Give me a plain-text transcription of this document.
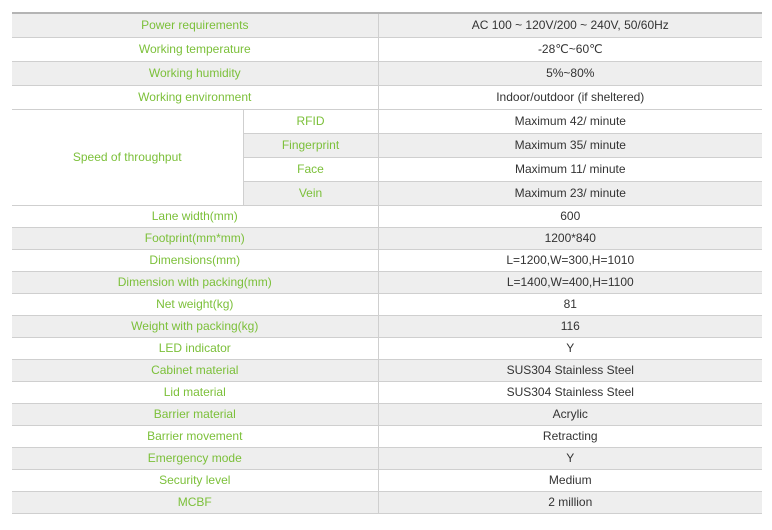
Power requirements		AC 100 ~ 120V/200 ~ 240V, 50/60Hz
Working temperature		-28℃~60℃
Working humidity		5%~80%
Working environment		Indoor/outdoor (if sheltered)
Speed of throughput	RFID	Maximum 42/ minute
	Fingerprint	Maximum 35/ minute
	Face	Maximum 11/ minute
	Vein	Maximum 23/ minute
Lane width(mm)		600
Footprint(mm*mm)		1200*840
Dimensions(mm)		L=1200,W=300,H=1010
Dimension with packing(mm)		L=1400,W=400,H=1100
Net weight(kg)		81
Weight with packing(kg)		116
LED indicator		Y
Cabinet material		SUS304 Stainless Steel
Lid material		SUS304 Stainless Steel
Barrier material		Acrylic
Barrier movement		Retracting
Emergency mode		Y
Security level		Medium
MCBF		2 million
